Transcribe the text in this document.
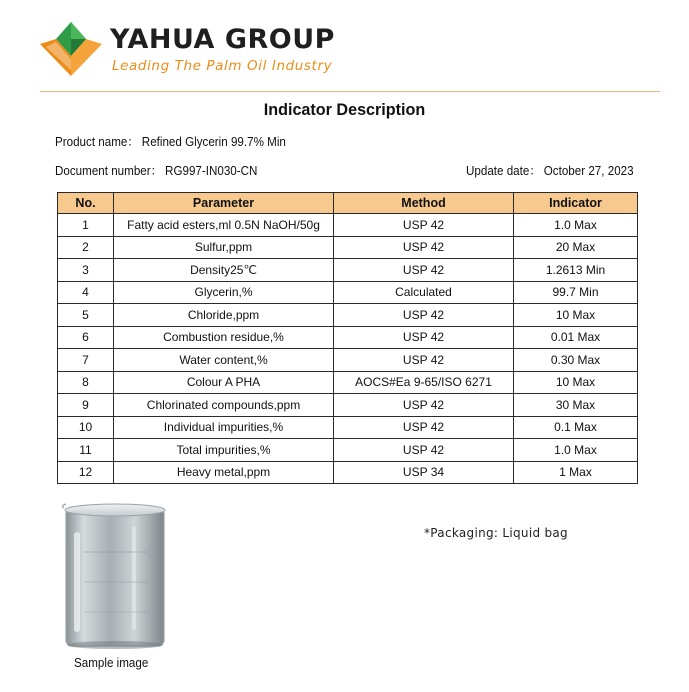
YAHUA GROUP
Leading The Palm Oil Industry
Indicator Description
Product name： Refined Glycerin 99.7% Min
Document number： RG997-IN030-CN	Update date： October 27, 2023
No.	Parameter	Method	Indicator
1	Fatty acid esters,ml 0.5N NaOH/50g	USP 42	1.0 Max
2	Sulfur,ppm	USP 42	20 Max
3	Density25℃	USP 42	1.2613 Min
4	Glycerin,%	Calculated	99.7 Min
5	Chloride,ppm	USP 42	10 Max
6	Combustion residue,%	USP 42	0.01 Max
7	Water content,%	USP 42	0.30 Max
8	Colour A PHA	AOCS#Ea 9-65/ISO 6271	10 Max
9	Chlorinated compounds,ppm	USP 42	30 Max
10	Individual impurities,%	USP 42	0.1 Max
11	Total impurities,%	USP 42	1.0 Max
12	Heavy metal,ppm	USP 34	1 Max
Sample image
*Packaging: Liquid bag
